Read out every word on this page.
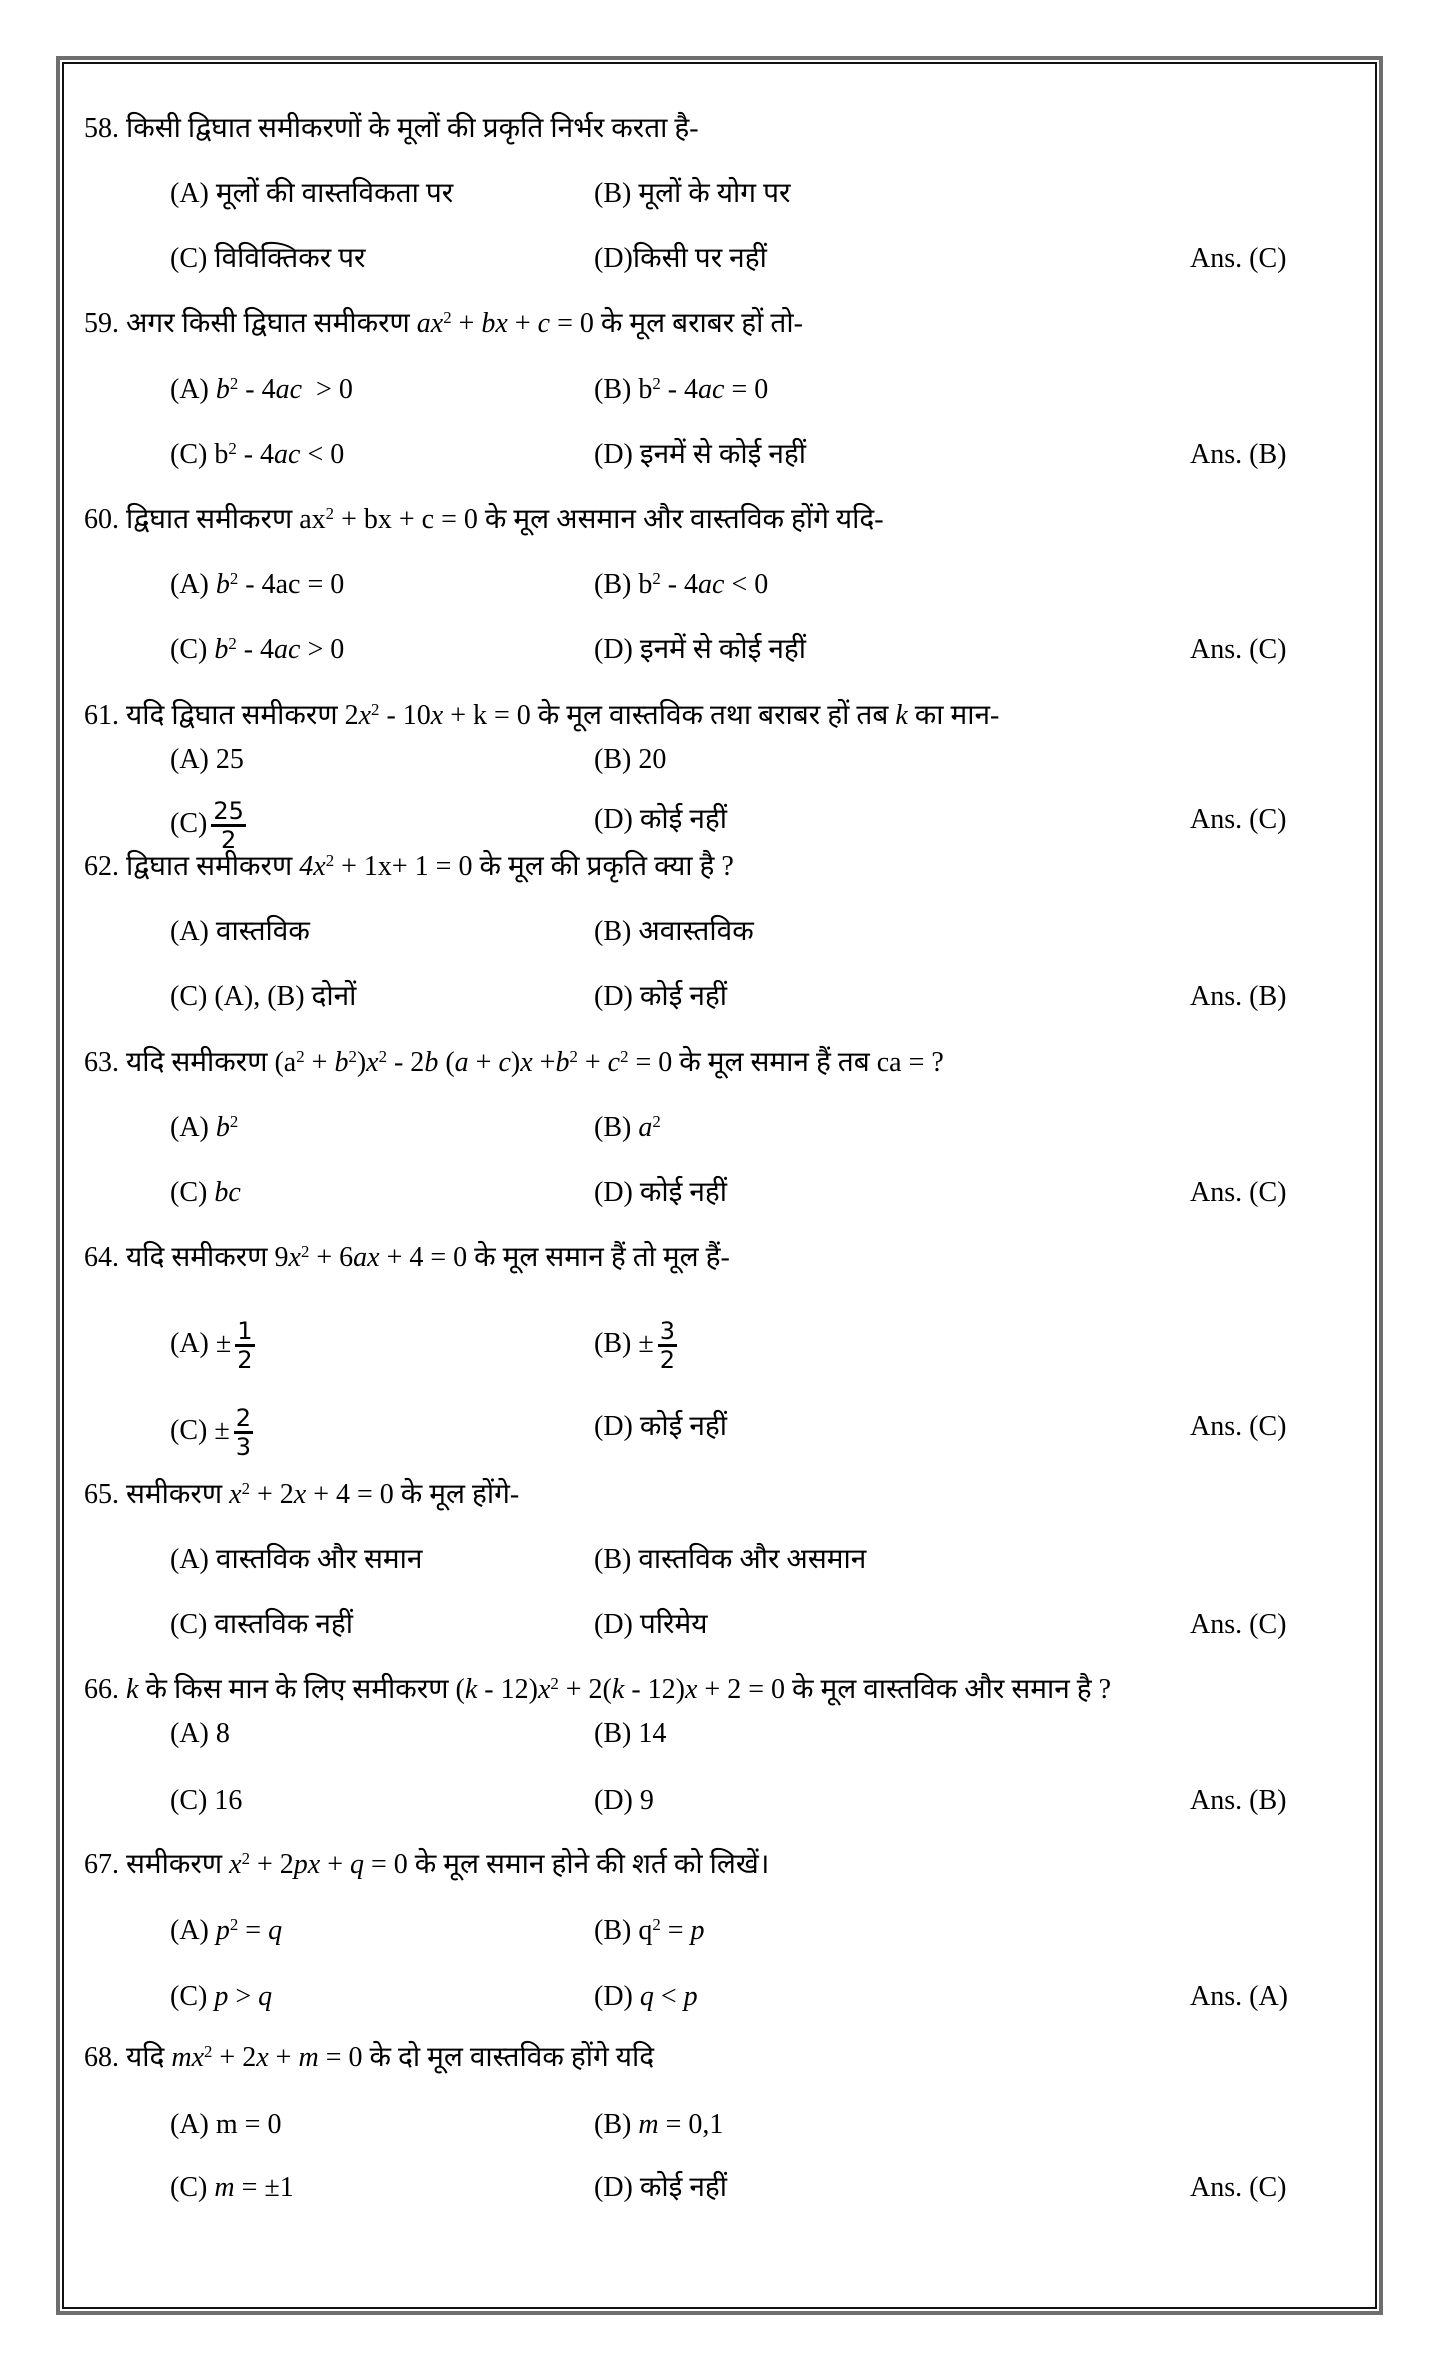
58. किसी द्विघात समीकरणों के मूलों की प्रकृति निर्भर करता है-
(A) मूलों की वास्तविकता पर	(B) मूलों के योग पर
(C) विविक्तिकर पर	(D)किसी पर नहीं	Ans. (C)
59. अगर किसी द्विघात समीकरण $ax^2$ + bx + c = 0 के मूल बराबर हों तो-
(A) $b^2 - 4ac > 0$	(B) $b^2 - 4ac = 0$
(C) $b^2 - 4ac < 0$	(D) इनमें से कोई नहीं	Ans. (B)
60. द्विघात समीकरण $ax^2$ + bx + c = 0 के मूल असमान और वास्तविक होंगे यदि-
(A) $b^2 - 4ac = 0$	(B) $b^2 - 4ac < 0$
(C) $b^2 - 4ac > 0$	(D) इनमें से कोई नहीं	Ans. (C)
61. यदि द्विघात समीकरण $2x^2 - 10x + k = 0$ के मूल वास्तविक तथा बराबर हों तब k का मान-
(A) 25	(B) 20
$(C) \frac{25}{2}$	(D) कोई नहीं	Ans. (C)
62. द्विघात समीकरण $4x^2 + 1x+ 1 = 0$ के मूल की प्रकृति क्या है ?
(A) वास्तविक	(B) अवास्तविक
(C) (A), (B) दोनों	(D) कोई नहीं	Ans. (B)
63. यदि समीकरण $(a^2 + b^2)x^2 - 2b$ $(a + c)x +b^2 + c^2 = 0$ के मूल समान हैं तब ca = ?
(A) $b^2$	(B) $a^2$
(C) bc	(D) कोई नहीं	Ans. (C)
64. यदि समीकरण $9x^2 + 6ax + 4 = 0$ के मूल समान हैं तो मूल हैं-
$(A) \pm \frac{1}{2}$	$(B) \pm \frac{3}{2}$
$(C) \pm \frac{2}{3}$	(D) कोई नहीं	Ans. (C)
65. समीकरण $x^2 + 2x + 4 = 0$ के मूल होंगे-
(A) वास्तविक और समान	(B) वास्तविक और असमान
(C) वास्तविक नहीं	(D) परिमेय	Ans. (C)
66. k के किस मान के लिए समीकरण $(k - 12)x^2 + 2(k - 12)x + 2 = 0$ के मूल वास्तविक और समान है ?
(A) 8	(B) 14
(C) 16	(D) 9	Ans. (B)
67. समीकरण $x^2 + 2px + q = 0$ के मूल समान होने की शर्त को लिखें।
(A) $p^2 = q$	(B) $q^2 = p$
(C) p > q	(D) q < p	Ans. (A)
68. यदि $mx^2 + 2x + m = 0$ के दो मूल वास्तविक होंगे यदि
(A) m = 0	(B) m = 0,1
(C) m = ±1	(D) कोई नहीं	Ans. (C)
